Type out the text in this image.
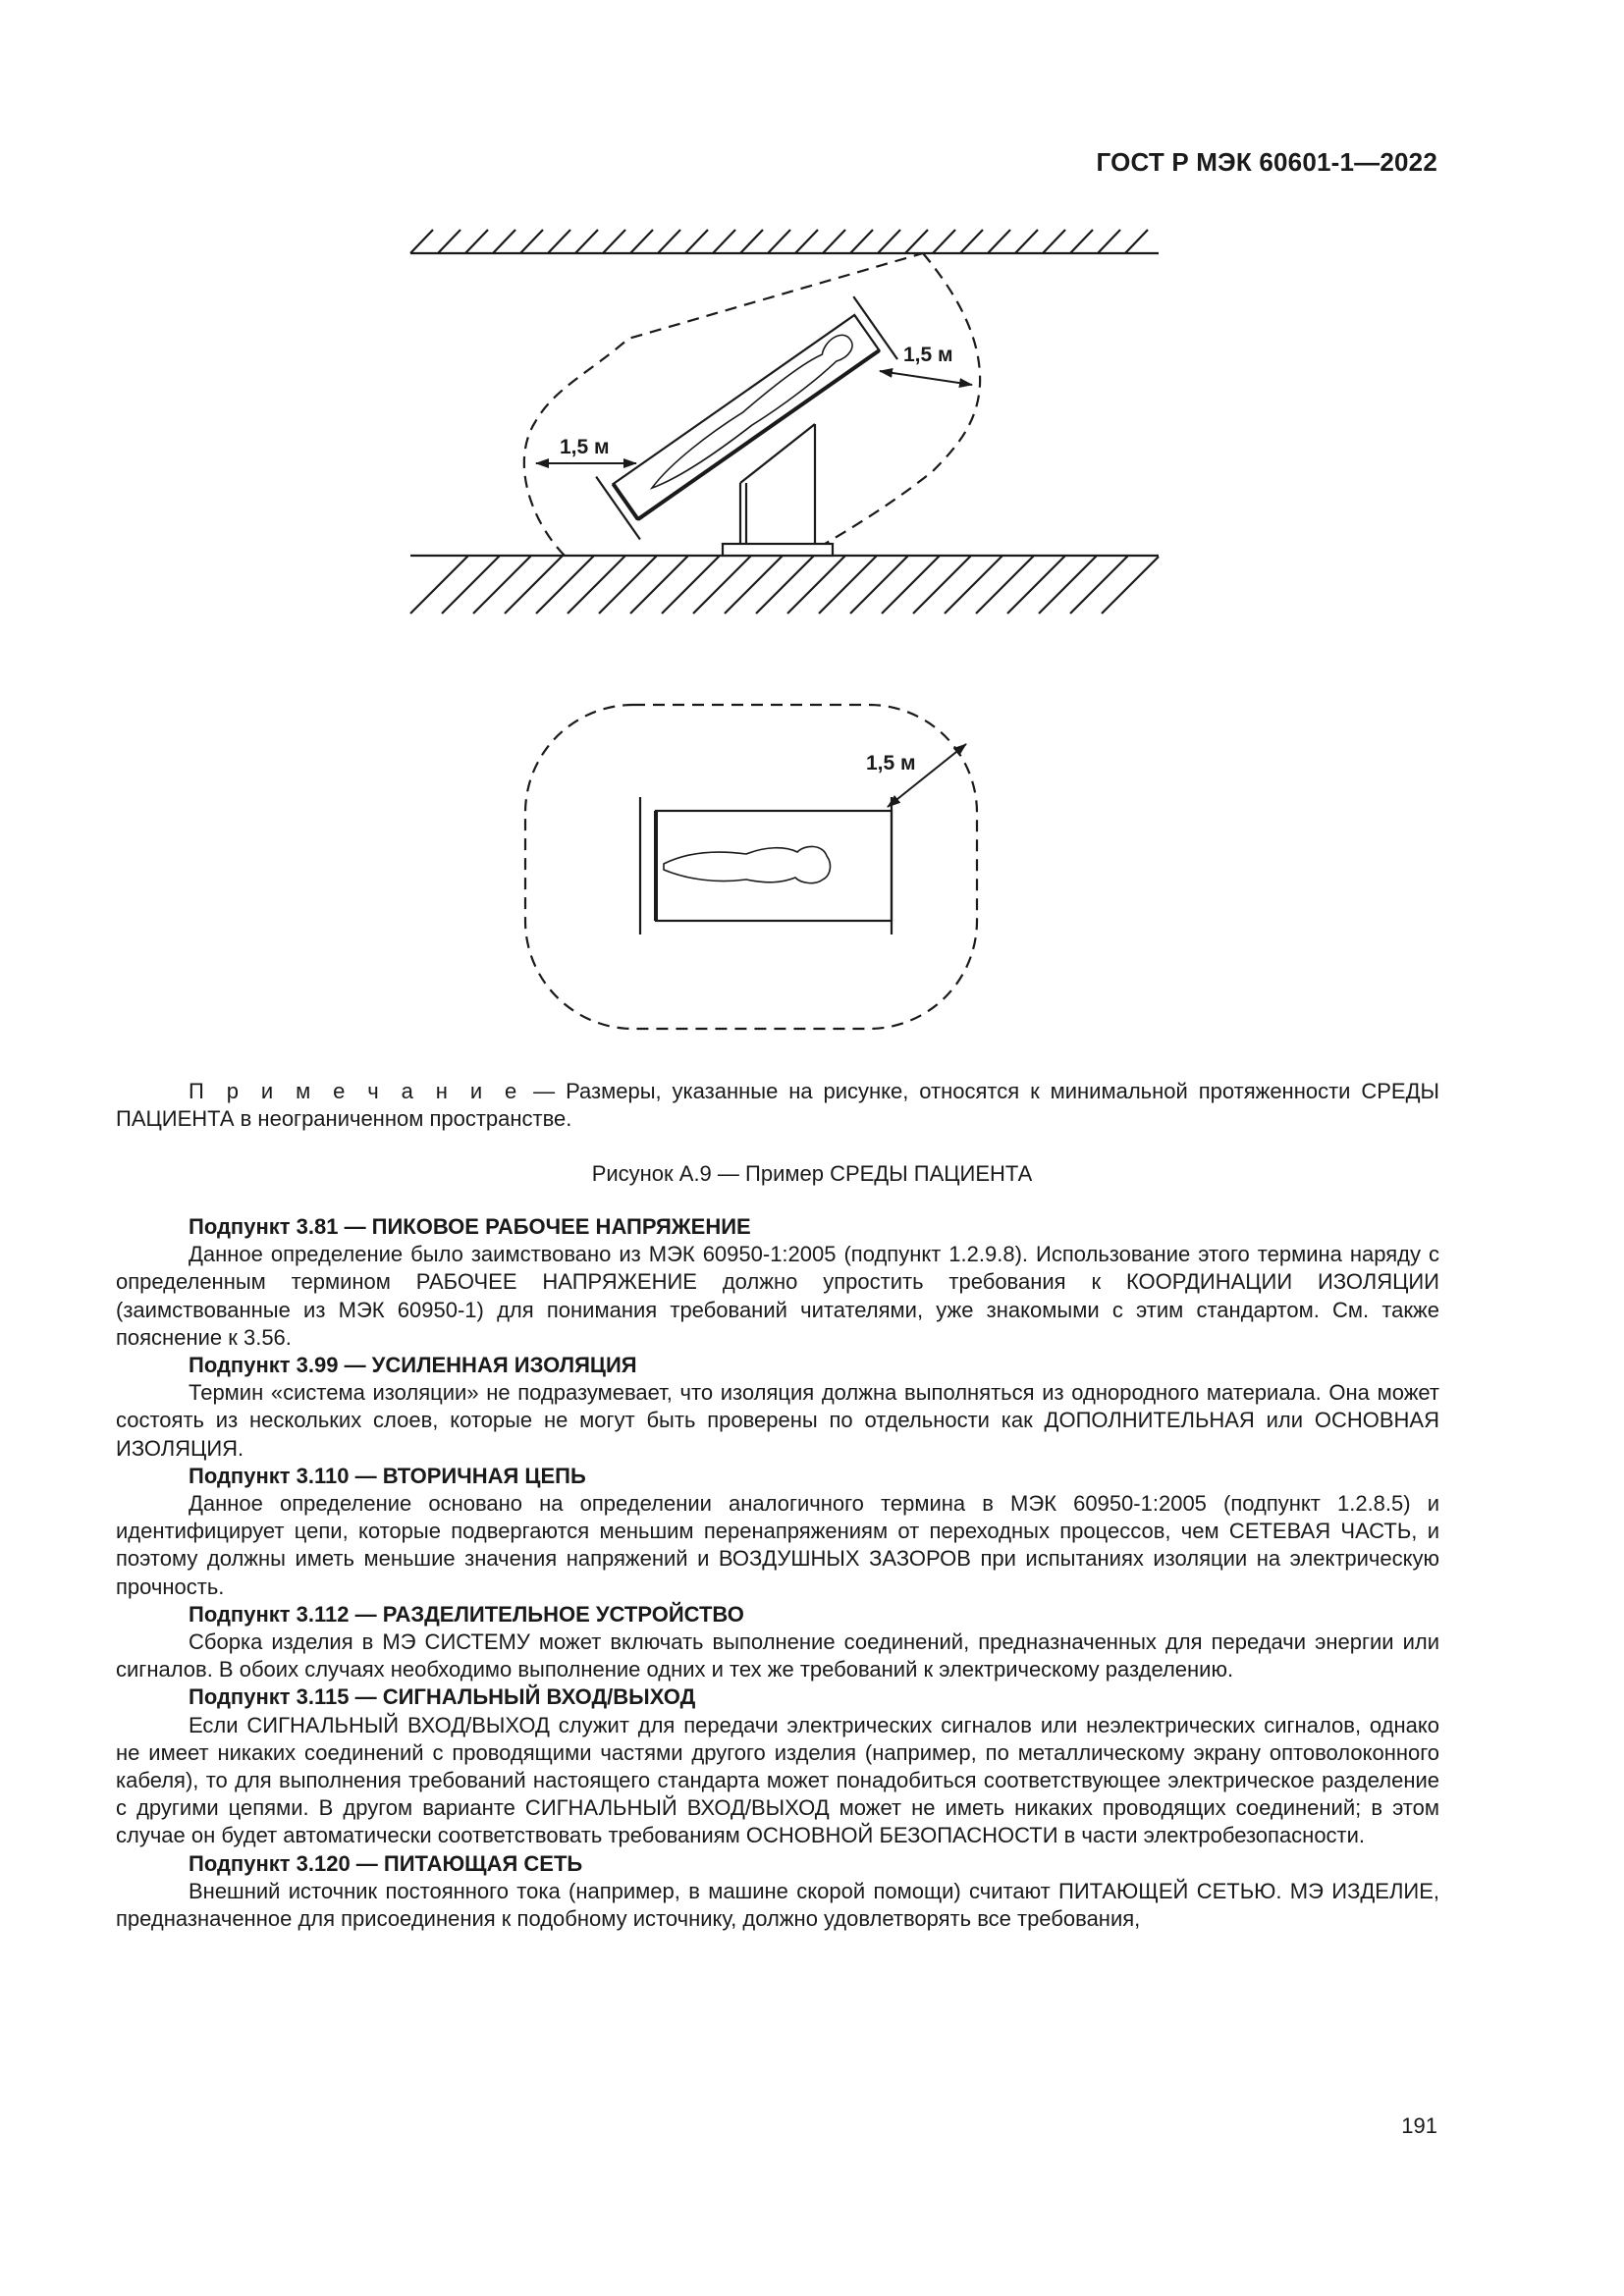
ГОСТ Р МЭК 60601-1—2022
1,5 м
1,5 м
1,5 м
П р и м е ч а н и е — Размеры, указанные на рисунке, относятся к минимальной протяженности СРЕДЫ ПАЦИЕНТА в неограниченном пространстве.
Рисунок А.9 — Пример СРЕДЫ ПАЦИЕНТА
Подпункт 3.81 — ПИКОВОЕ РАБОЧЕЕ НАПРЯЖЕНИЕ

Данное определение было заимствовано из МЭК 60950-1:2005 (подпункт 1.2.9.8). Использование этого термина наряду с определенным термином РАБОЧЕЕ НАПРЯЖЕНИЕ должно упростить требования к КООРДИНАЦИИ ИЗОЛЯЦИИ (заимствованные из МЭК 60950-1) для понимания требований читателями, уже знакомыми с этим стандартом. См. также пояснение к 3.56.

Подпункт 3.99 — УСИЛЕННАЯ ИЗОЛЯЦИЯ

Термин «система изоляции» не подразумевает, что изоляция должна выполняться из однородного материала. Она может состоять из нескольких слоев, которые не могут быть проверены по отдельности как ДОПОЛНИТЕЛЬНАЯ или ОСНОВНАЯ ИЗОЛЯЦИЯ.

Подпункт 3.110 — ВТОРИЧНАЯ ЦЕПЬ

Данное определение основано на определении аналогичного термина в МЭК 60950-1:2005 (подпункт 1.2.8.5) и идентифицирует цепи, которые подвергаются меньшим перенапряжениям от переходных процессов, чем СЕТЕВАЯ ЧАСТЬ, и поэтому должны иметь меньшие значения напряжений и ВОЗДУШНЫХ ЗАЗОРОВ при испытаниях изоляции на электрическую прочность.

Подпункт 3.112 — РАЗДЕЛИТЕЛЬНОЕ УСТРОЙСТВО

Сборка изделия в МЭ СИСТЕМУ может включать выполнение соединений, предназначенных для передачи энергии или сигналов. В обоих случаях необходимо выполнение одних и тех же требований к электрическому разделению.

Подпункт 3.115 — СИГНАЛЬНЫЙ ВХОД/ВЫХОД

Если СИГНАЛЬНЫЙ ВХОД/ВЫХОД служит для передачи электрических сигналов или неэлектрических сигналов, однако не имеет никаких соединений с проводящими частями другого изделия (например, по металлическому экрану оптоволоконного кабеля), то для выполнения требований настоящего стандарта может понадобиться соответствующее электрическое разделение с другими цепями. В другом варианте СИГНАЛЬНЫЙ ВХОД/ВЫХОД может не иметь никаких проводящих соединений; в этом случае он будет автоматически соответствовать требованиям ОСНОВНОЙ БЕЗОПАСНОСТИ в части электробезопасности.

Подпункт 3.120 — ПИТАЮЩАЯ СЕТЬ

Внешний источник постоянного тока (например, в машине скорой помощи) считают ПИТАЮЩЕЙ СЕТЬЮ. МЭ ИЗДЕЛИЕ, предназначенное для присоединения к подобному источнику, должно удовлетворять все требования,

191
